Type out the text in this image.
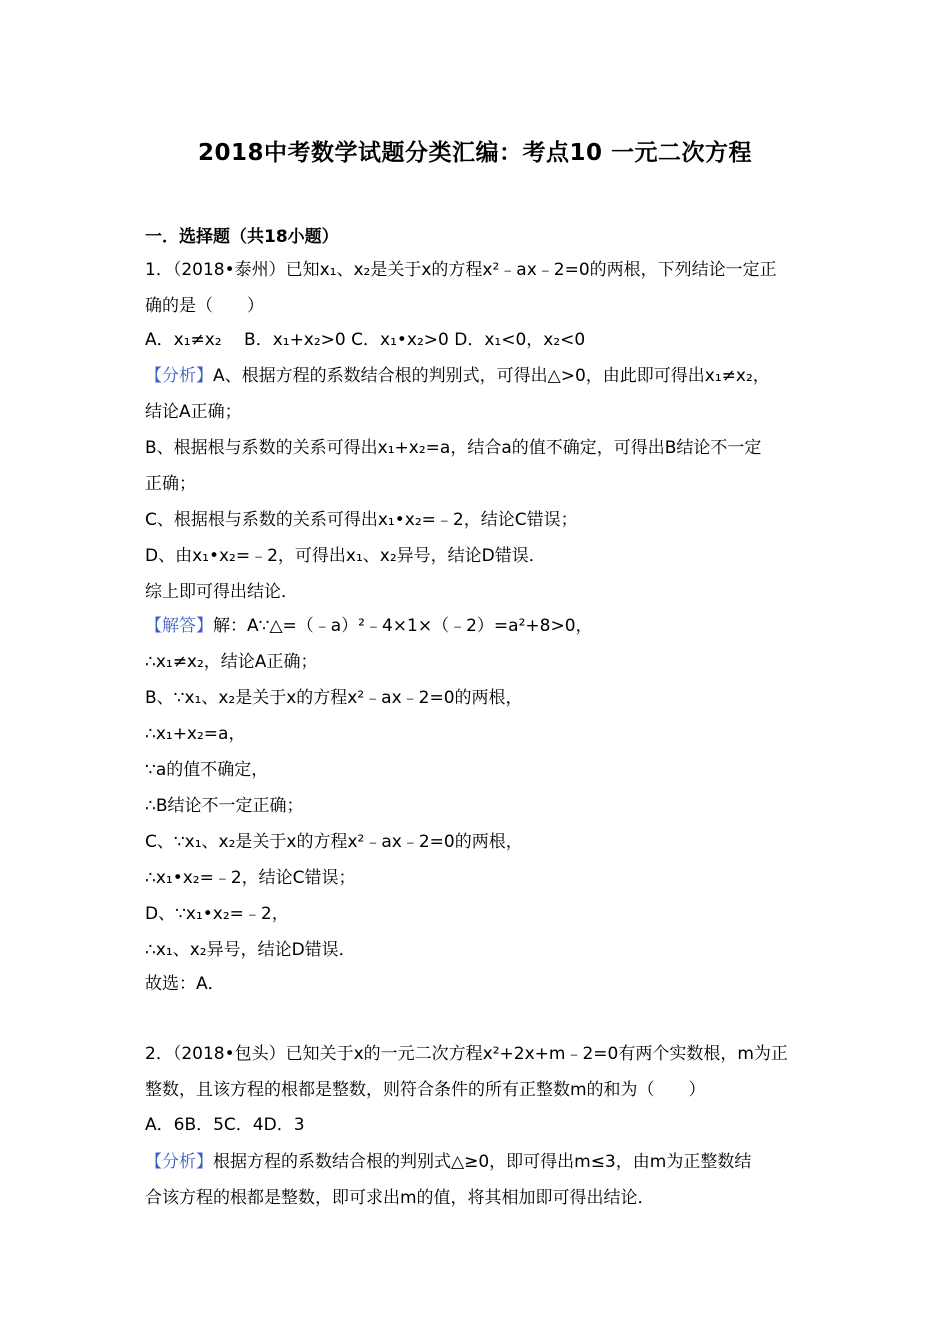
2018中考数学试题分类汇编：考点10 一元二次方程
一．选择题（共18小题）
1．（2018•泰州）已知x₁、x₂是关于x的方程x²﹣ax﹣2=0的两根，下列结论一定正
确的是（　　）
A．x₁≠x₂　 B．x₁+x₂>0 C．x₁•x₂>0 D．x₁<0，x₂<0
【分析】A、根据方程的系数结合根的判别式，可得出△>0，由此即可得出x₁≠x₂，
结论A正确；
B、根据根与系数的关系可得出x₁+x₂=a，结合a的值不确定，可得出B结论不一定
正确；
C、根据根与系数的关系可得出x₁•x₂=﹣2，结论C错误；
D、由x₁•x₂=﹣2，可得出x₁、x₂异号，结论D错误．
综上即可得出结论．
【解答】解：A∵△=（﹣a）²﹣4×1×（﹣2）=a²+8>0，
∴x₁≠x₂，结论A正确；
B、∵x₁、x₂是关于x的方程x²﹣ax﹣2=0的两根，
∴x₁+x₂=a，
∵a的值不确定，
∴B结论不一定正确；
C、∵x₁、x₂是关于x的方程x²﹣ax﹣2=0的两根，
∴x₁•x₂=﹣2，结论C错误；
D、∵x₁•x₂=﹣2，
∴x₁、x₂异号，结论D错误．
故选：A．
2．（2018•包头）已知关于x的一元二次方程x²+2x+m﹣2=0有两个实数根，m为正
整数，且该方程的根都是整数，则符合条件的所有正整数m的和为（　　）
A．6B．5C．4D．3
【分析】根据方程的系数结合根的判别式△≥0，即可得出m≤3，由m为正整数结
合该方程的根都是整数，即可求出m的值，将其相加即可得出结论．
